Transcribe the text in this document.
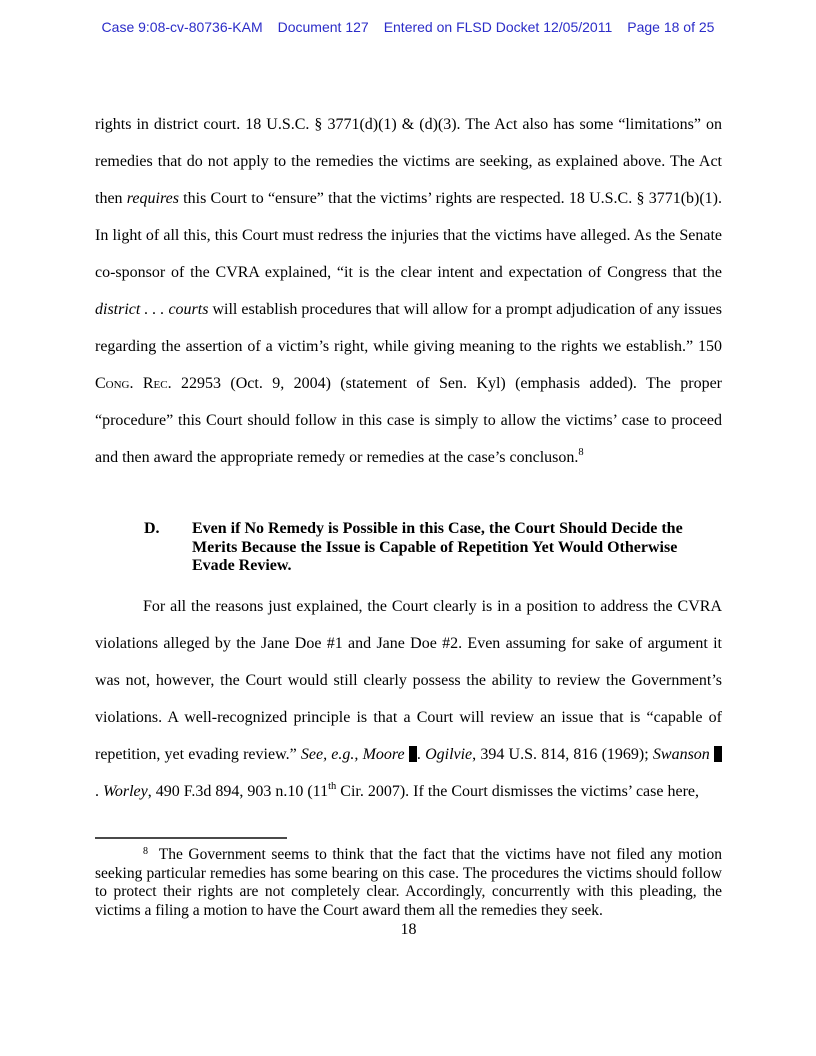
Case 9:08-cv-80736-KAM Document 127 Entered on FLSD Docket 12/05/2011 Page 18 of 25
rights in district court. 18 U.S.C. § 3771(d)(1) & (d)(3). The Act also has some “limitations” on remedies that do not apply to the remedies the victims are seeking, as explained above. The Act then requires this Court to “ensure” that the victims’ rights are respected. 18 U.S.C. § 3771(b)(1). In light of all this, this Court must redress the injuries that the victims have alleged. As the Senate co-sponsor of the CVRA explained, “it is the clear intent and expectation of Congress that the district . . . courts will establish procedures that will allow for a prompt adjudication of any issues regarding the assertion of a victim’s right, while giving meaning to the rights we establish.” 150 Cong. Rec. 22953 (Oct. 9, 2004) (statement of Sen. Kyl) (emphasis added). The proper “procedure” this Court should follow in this case is simply to allow the victims’ case to proceed and then award the appropriate remedy or remedies at the case’s concluson.$^8$
D.	Even if No Remedy is Possible in this Case, the Court Should Decide the
Merits Because the Issue is Capable of Repetition Yet Would Otherwise
Evade Review.
For all the reasons just explained, the Court clearly is in a position to address the CVRA violations alleged by the Jane Doe #1 and Jane Doe #2. Even assuming for sake of argument it was not, however, the Court would still clearly possess the ability to review the Government’s violations. A well-recognized principle is that a Court will review an issue that is “capable of repetition, yet evading review.” See, e.g., Moore . Ogilvie, 394 U.S. 814, 816 (1969); Swanson . Worley, 490 F.3d 894, 903 n.10 (11th Cir. 2007). If the Court dismisses the victims’ case here,
$^8$  The Government seems to think that the fact that the victims have not filed any motion seeking particular remedies has some bearing on this case. The procedures the victims should follow to protect their rights are not completely clear. Accordingly, concurrently with this pleading, the victims a filing a motion to have the Court award them all the remedies they seek.
18
